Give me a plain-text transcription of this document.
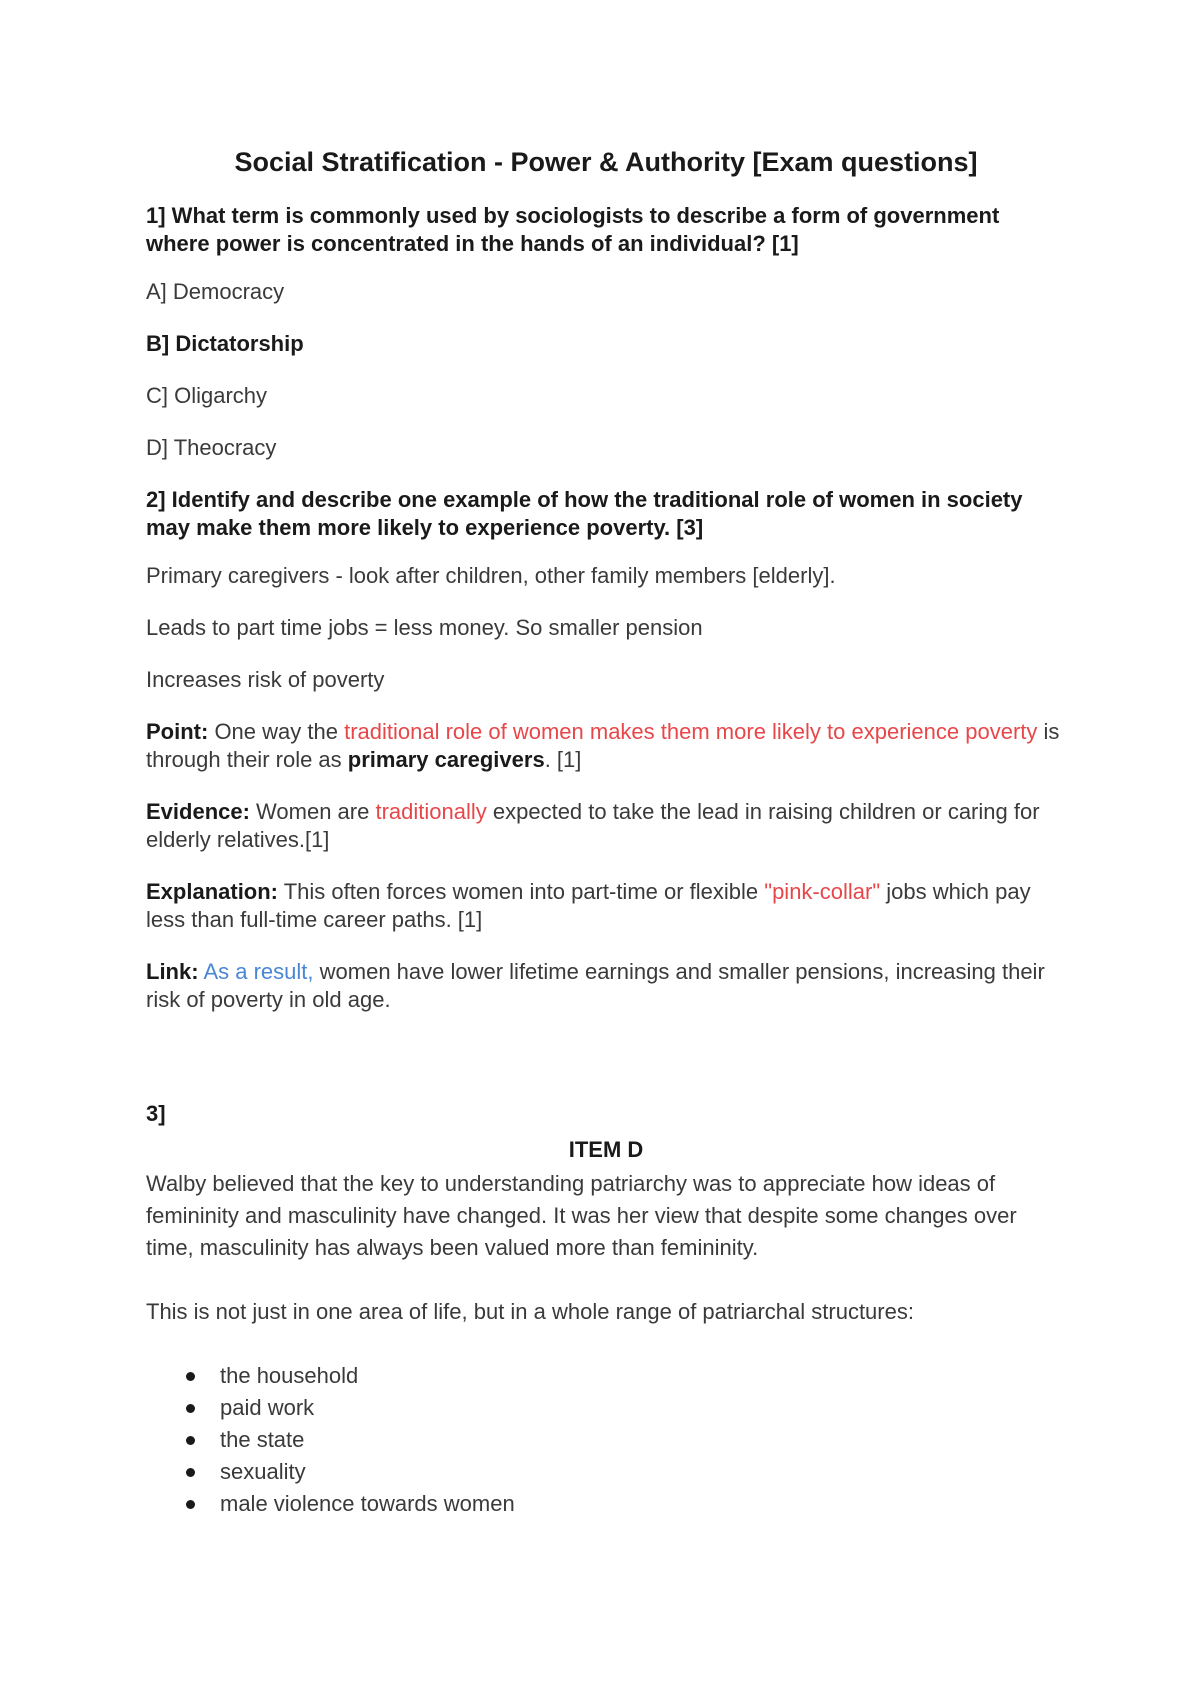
Social Stratification - Power & Authority [Exam questions]
1] What term is commonly used by sociologists to describe a form of government where power is concentrated in the hands of an individual? [1]
A] Democracy
B] Dictatorship
C] Oligarchy
D] Theocracy
2] Identify and describe one example of how the traditional role of women in society may make them more likely to experience poverty. [3]
Primary caregivers - look after children, other family members [elderly].
Leads to part time jobs = less money. So smaller pension
Increases risk of poverty
Point: One way the traditional role of women makes them more likely to experience poverty is through their role as primary caregivers. [1]
Evidence: Women are traditionally expected to take the lead in raising children or caring for elderly relatives.[1]
Explanation: This often forces women into part-time or flexible "pink-collar" jobs which pay less than full-time career paths. [1]
Link: As a result, women have lower lifetime earnings and smaller pensions, increasing their risk of poverty in old age.
3]
ITEM D
Walby believed that the key to understanding patriarchy was to appreciate how ideas of femininity and masculinity have changed. It was her view that despite some changes over time, masculinity has always been valued more than femininity.
This is not just in one area of life, but in a whole range of patriarchal structures:
the household
paid work
the state
sexuality
male violence towards women
